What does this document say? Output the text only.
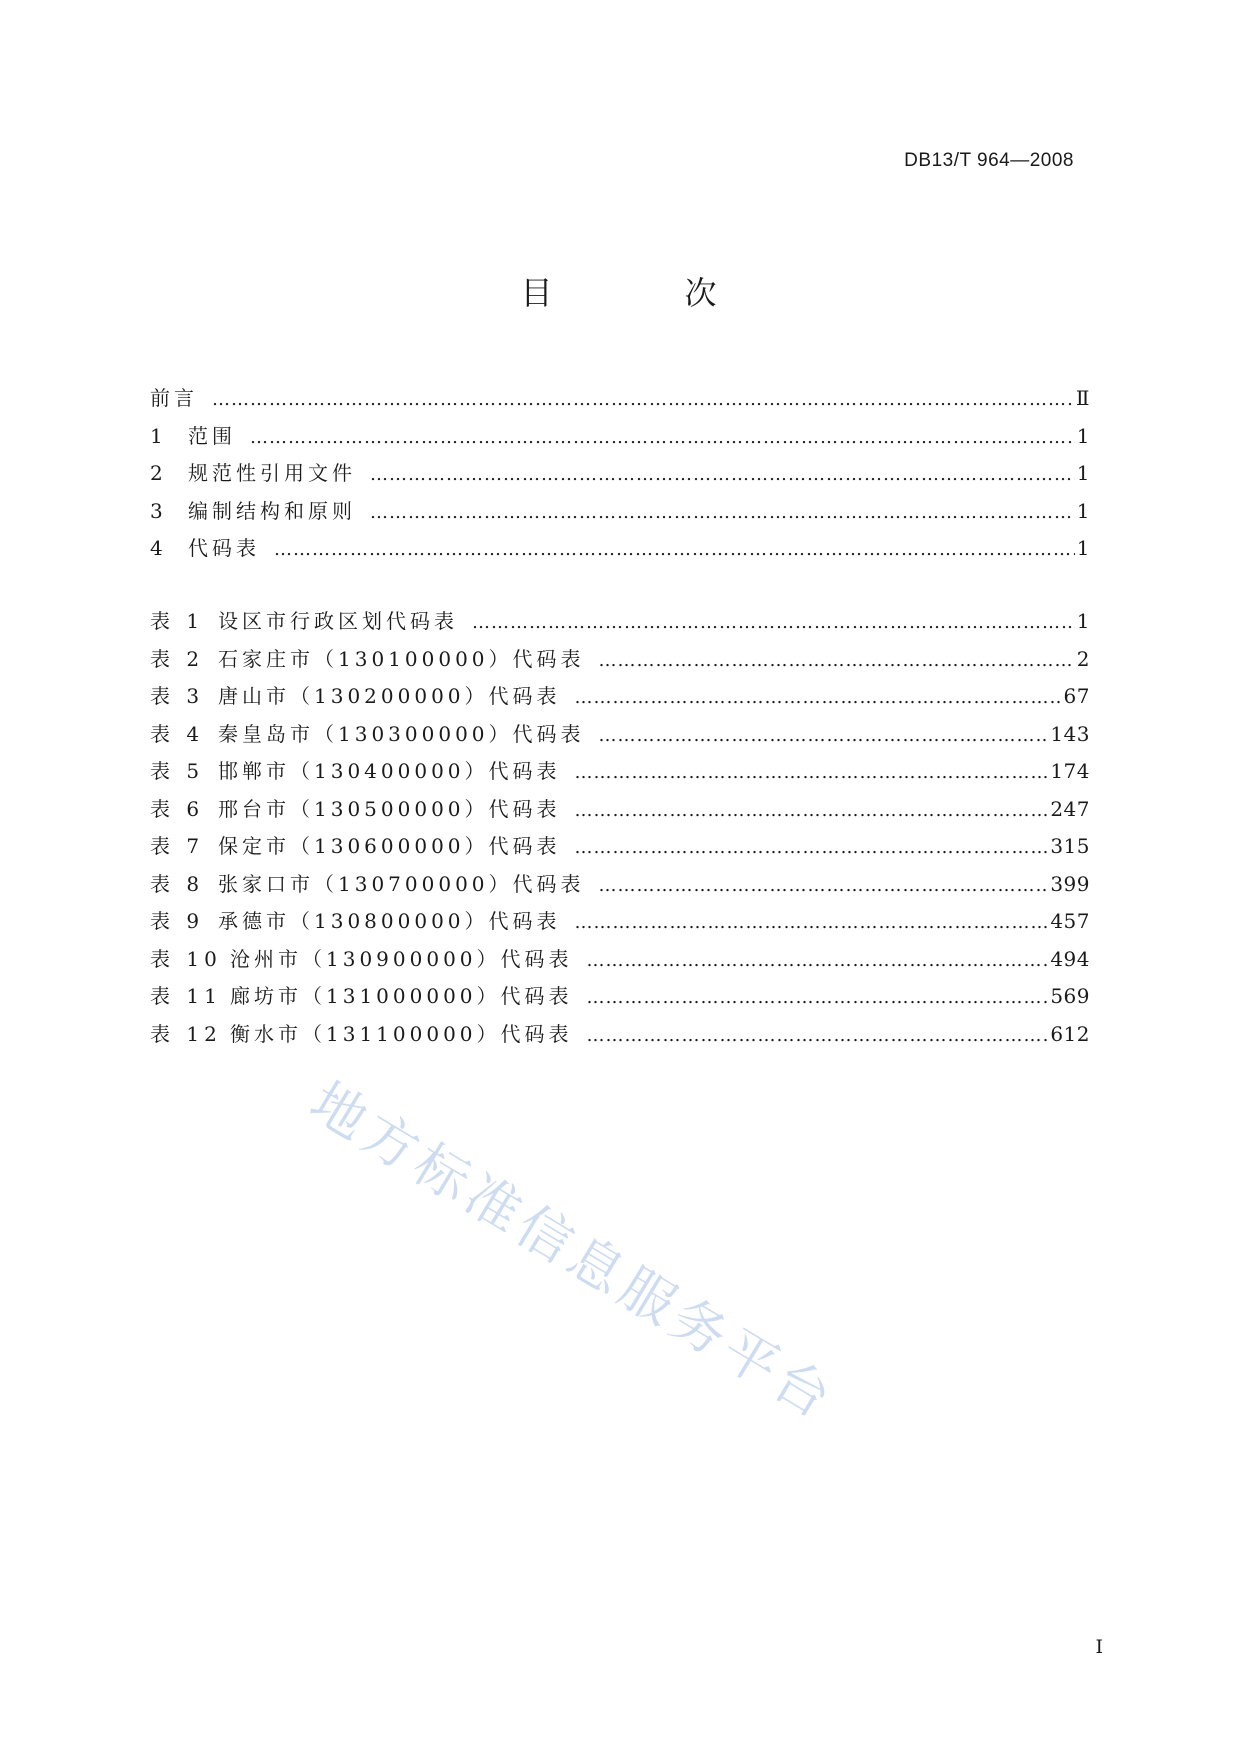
DB13/T 964—2008
目	次
前言 ………………………………………………………………………………………………………………………………………………………………………………	Ⅱ
1	范围 ………………………………………………………………………………………………………………………………………………………………………………	1
2	规范性引用文件 ………………………………………………………………………………………………………………………………………………………………………………	1
3	编制结构和原则 ………………………………………………………………………………………………………………………………………………………………………………	1
4	代码表 ………………………………………………………………………………………………………………………………………………………………………………	1
表 1 设区市行政区划代码表 ………………………………………………………………………………………………………………………………………………………………………………	1
表 2 石家庄市（130100000）代码表 ………………………………………………………………………………………………………………………………………………………………………………	2
表 3 唐山市（130200000）代码表 ………………………………………………………………………………………………………………………………………………………………………………	67
表 4 秦皇岛市（130300000）代码表 ………………………………………………………………………………………………………………………………………………………………………………	143
表 5 邯郸市（130400000）代码表 ………………………………………………………………………………………………………………………………………………………………………………	174
表 6 邢台市（130500000）代码表 ………………………………………………………………………………………………………………………………………………………………………………	247
表 7 保定市（130600000）代码表 ………………………………………………………………………………………………………………………………………………………………………………	315
表 8 张家口市（130700000）代码表 ………………………………………………………………………………………………………………………………………………………………………………	399
表 9 承德市（130800000）代码表 ………………………………………………………………………………………………………………………………………………………………………………	457
表 10 沧州市（130900000）代码表 ………………………………………………………………………………………………………………………………………………………………………………	494
表 11 廊坊市（131000000）代码表 ………………………………………………………………………………………………………………………………………………………………………………	569
表 12 衡水市（131100000）代码表 ………………………………………………………………………………………………………………………………………………………………………………	612
地方标准信息服务平台
I
